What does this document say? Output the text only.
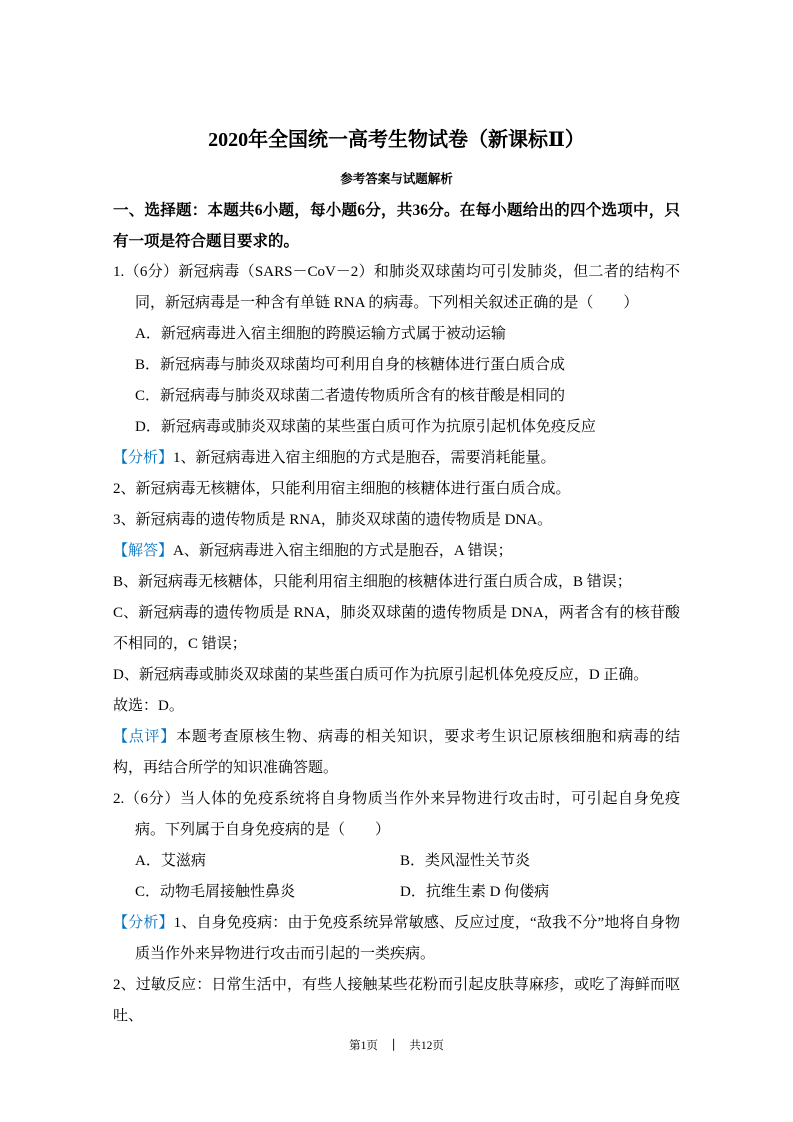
2020年全国统一高考生物试卷（新课标Ⅱ）
参考答案与试题解析
一、选择题：本题共6小题，每小题6分，共36分。在每小题给出的四个选项中，只有一项是符合题目要求的。
1.（6分）新冠病毒（SARS－CoV－2）和肺炎双球菌均可引发肺炎，但二者的结构不同，新冠病毒是一种含有单链 RNA 的病毒。下列相关叙述正确的是（　　）
A．新冠病毒进入宿主细胞的跨膜运输方式属于被动运输
B．新冠病毒与肺炎双球菌均可利用自身的核糖体进行蛋白质合成
C．新冠病毒与肺炎双球菌二者遗传物质所含有的核苷酸是相同的
D．新冠病毒或肺炎双球菌的某些蛋白质可作为抗原引起机体免疫反应
【分析】1、新冠病毒进入宿主细胞的方式是胞吞，需要消耗能量。
2、新冠病毒无核糖体，只能利用宿主细胞的核糖体进行蛋白质合成。
3、新冠病毒的遗传物质是 RNA，肺炎双球菌的遗传物质是 DNA。
【解答】A、新冠病毒进入宿主细胞的方式是胞吞，A 错误；
B、新冠病毒无核糖体，只能利用宿主细胞的核糖体进行蛋白质合成，B 错误；
C、新冠病毒的遗传物质是 RNA，肺炎双球菌的遗传物质是 DNA，两者含有的核苷酸不相同的，C 错误；
D、新冠病毒或肺炎双球菌的某些蛋白质可作为抗原引起机体免疫反应，D 正确。
故选：D。
【点评】本题考查原核生物、病毒的相关知识，要求考生识记原核细胞和病毒的结构，再结合所学的知识准确答题。
2.（6分）当人体的免疫系统将自身物质当作外来异物进行攻击时，可引起自身免疫病。下列属于自身免疫病的是（　　）
A．艾滋病	B．类风湿性关节炎
C．动物毛屑接触性鼻炎	D．抗维生素 D 佝偻病
【分析】1、自身免疫病：由于免疫系统异常敏感、反应过度，“敌我不分”地将自身物质当作外来异物进行攻击而引起的一类疾病。
2、过敏反应：日常生活中，有些人接触某些花粉而引起皮肤荨麻疹，或吃了海鲜而呕吐、
第1页 ｜ 共12页
